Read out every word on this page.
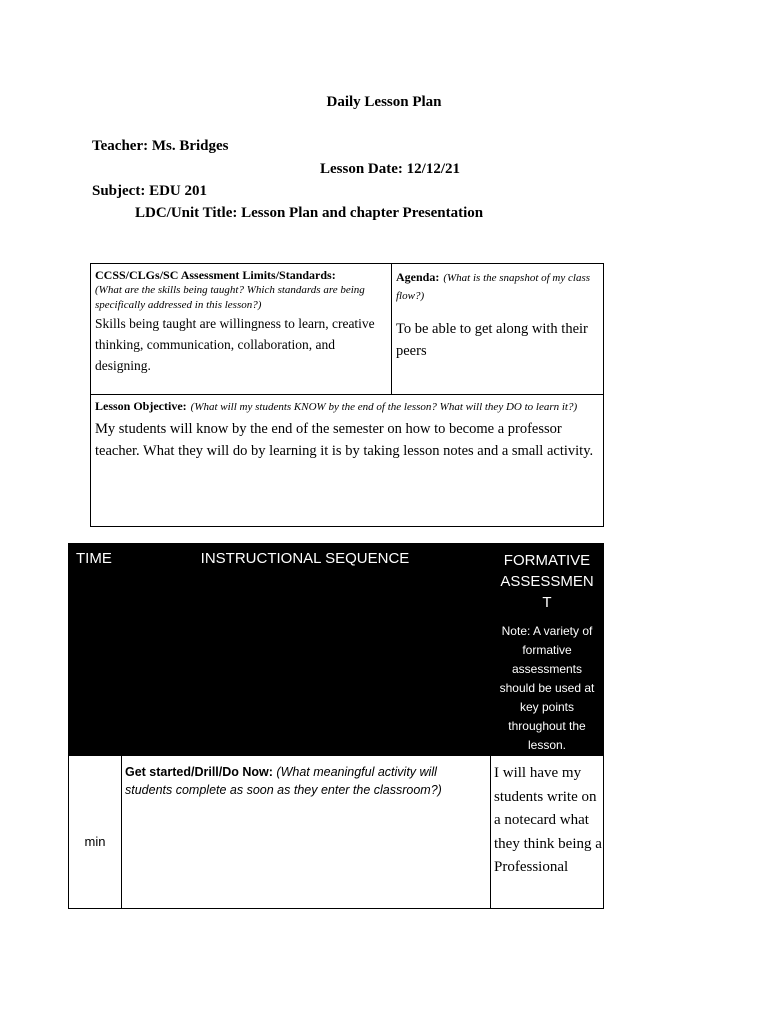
Daily Lesson Plan
Teacher: Ms. Bridges
Lesson Date: 12/12/21
Subject: EDU 201
LDC/Unit Title: Lesson Plan and chapter Presentation
CCSS/CLGs/SC Assessment Limits/Standards:
(What are the skills being taught? Which standards are being specifically addressed in this lesson?)
Skills being taught are willingness to learn, creative thinking, communication, collaboration, and designing.
Agenda: (What is the snapshot of my class flow?)
To be able to get along with their peers
Lesson Objective: (What will my students KNOW by the end of the lesson? What will they DO to learn it?)
My students will know by the end of the semester on how to become a professor teacher. What they will do by learning it is by taking lesson notes and a small activity.
TIME	INSTRUCTIONAL SEQUENCE	FORMATIVE
ASSESSMEN
T
Note: A variety of formative assessments should be used at key points throughout the lesson.
min
Get started/Drill/Do Now: (What meaningful activity will students complete as soon as they enter the classroom?)
I will have my students write on a notecard what they think being a Professional
